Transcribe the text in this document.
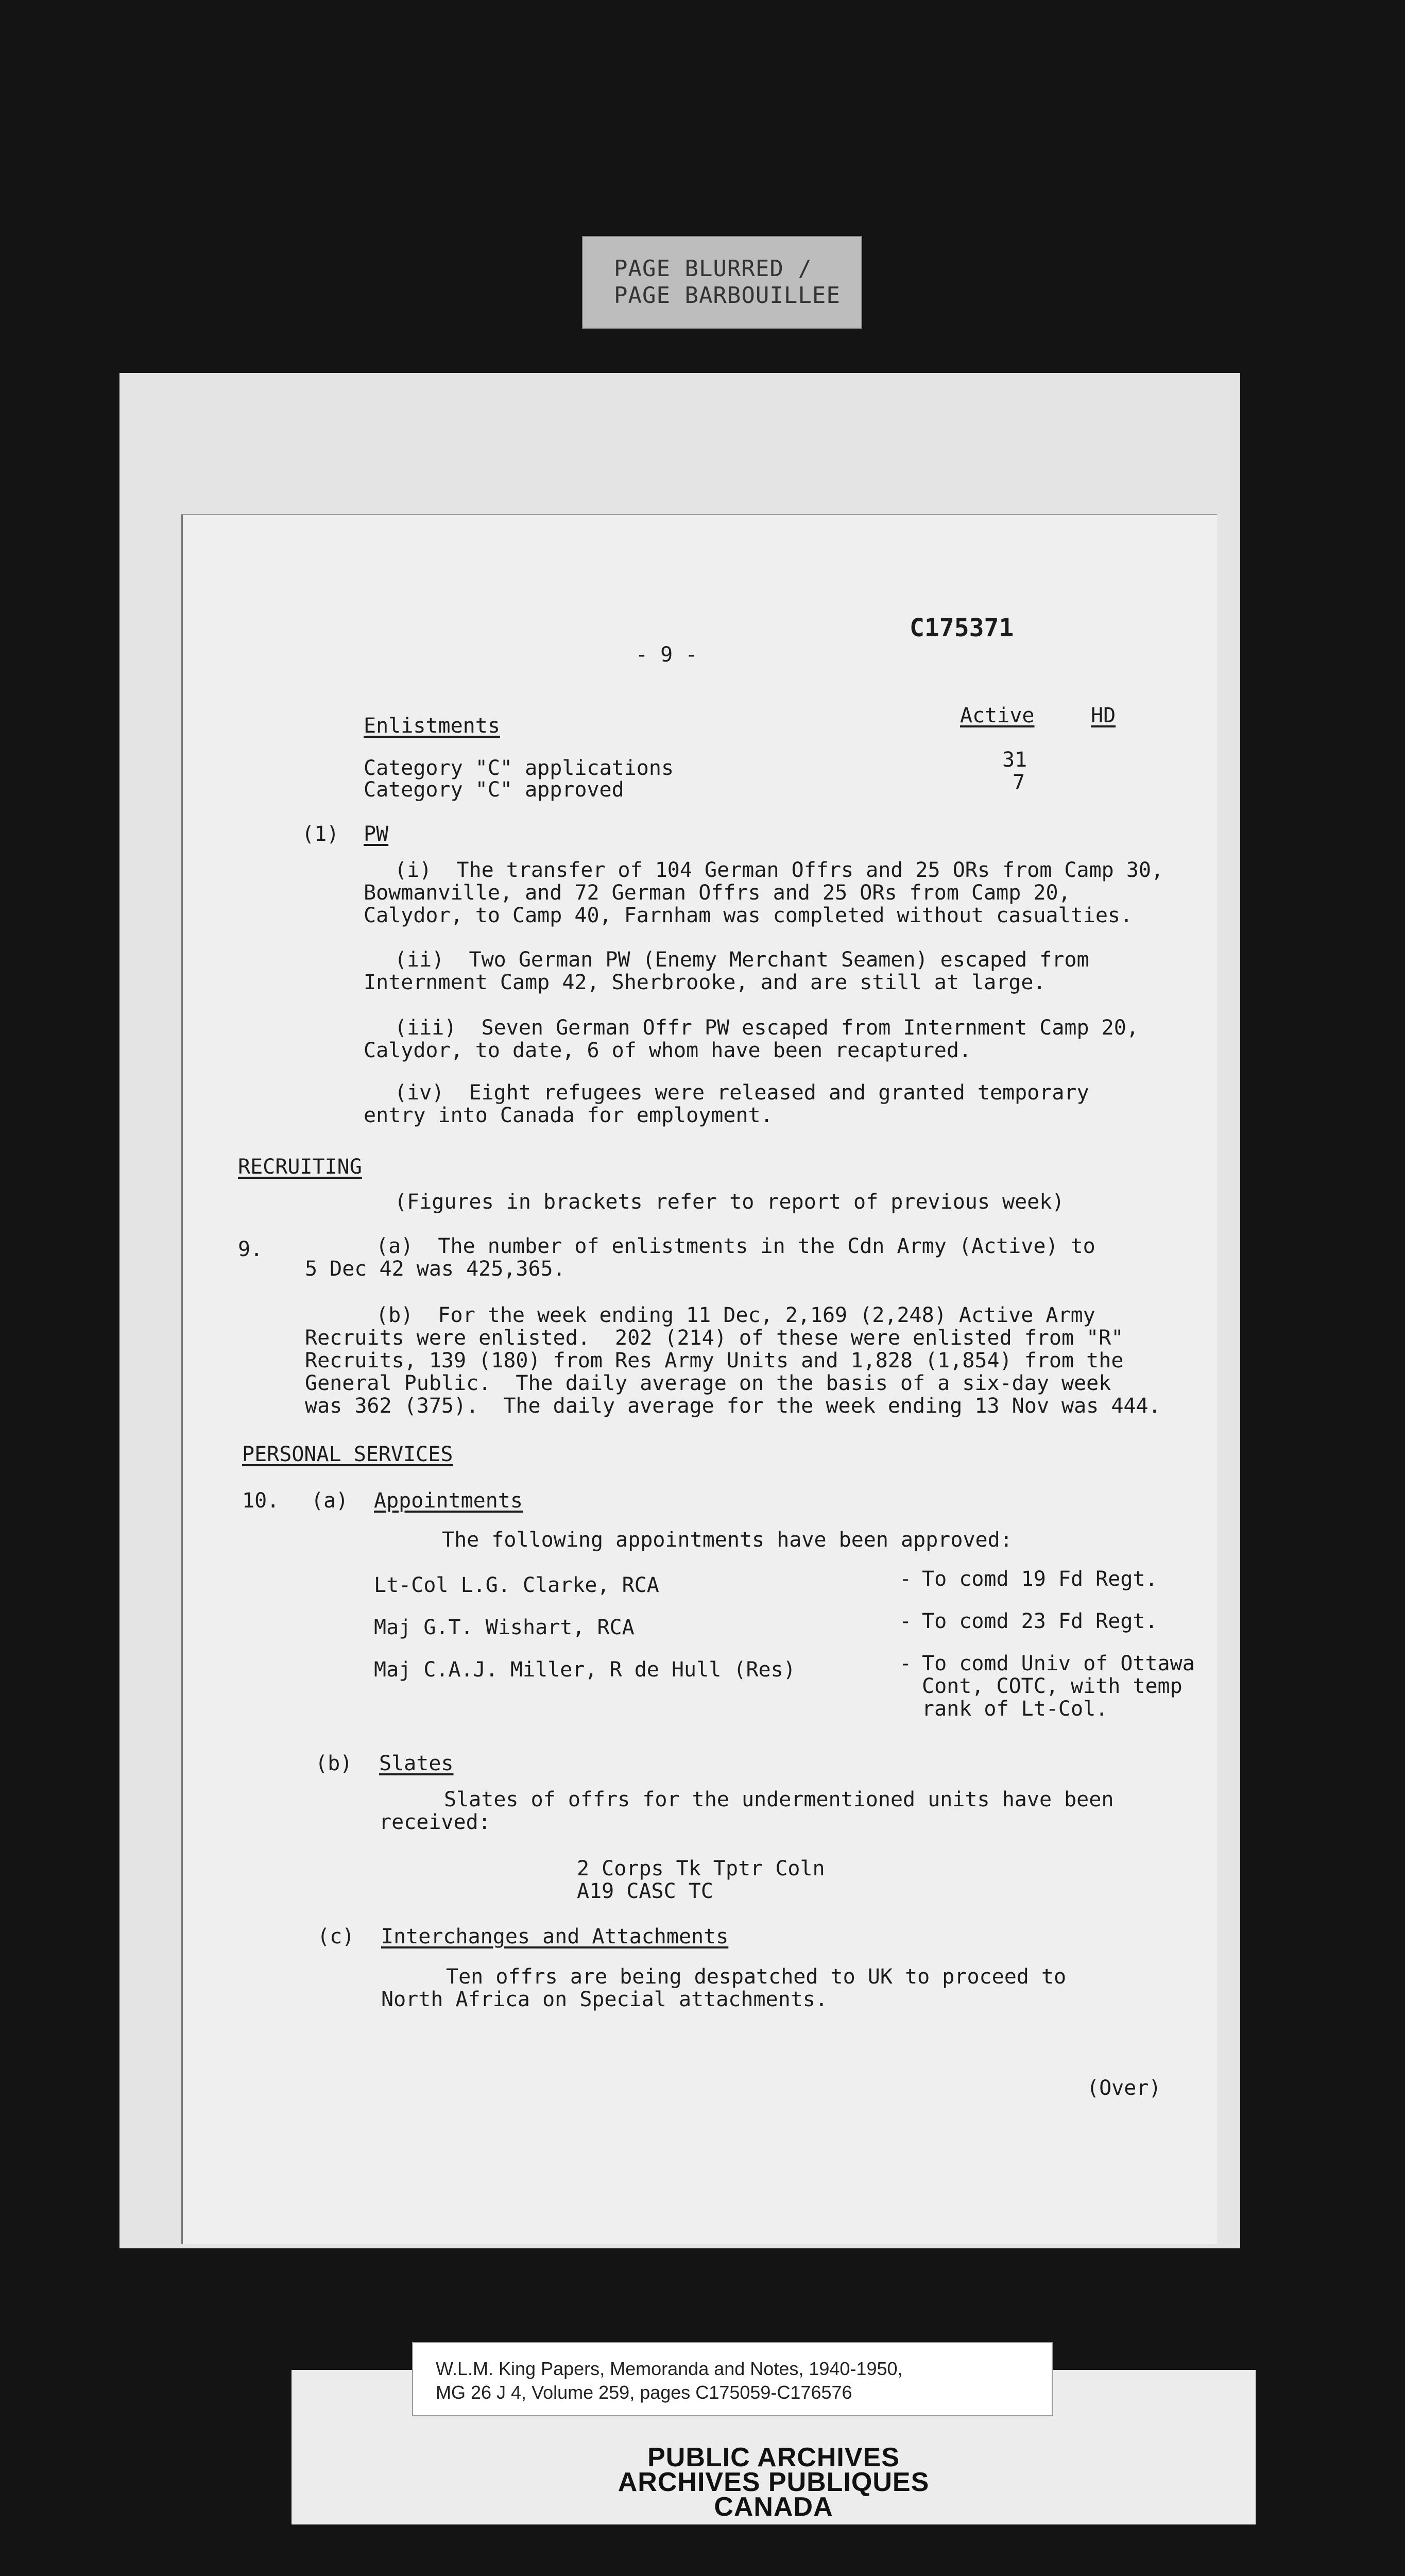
PAGE BLURRED /
PAGE BARBOUILLEE
C175371
- 9 -
Enlistments	Active	HD
Category "C" applications	31
Category "C" approved	7
(1) PW
(i)  The transfer of 104 German Offrs and 25 ORs from Camp 30,
Bowmanville, and 72 German Offrs and 25 ORs from Camp 20,
Calydor, to Camp 40, Farnham was completed without casualties.
(ii)  Two German PW (Enemy Merchant Seamen) escaped from
Internment Camp 42, Sherbrooke, and are still at large.
(iii)  Seven German Offr PW escaped from Internment Camp 20,
Calydor, to date, 6 of whom have been recaptured.
(iv)  Eight refugees were released and granted temporary
entry into Canada for employment.
RECRUITING
(Figures in brackets refer to report of previous week)
9.	(a)  The number of enlistments in the Cdn Army (Active) to
5 Dec 42 was 425,365.
(b)  For the week ending 11 Dec, 2,169 (2,248) Active Army
Recruits were enlisted.  202 (214) of these were enlisted from "R"
Recruits, 139 (180) from Res Army Units and 1,828 (1,854) from the
General Public.  The daily average on the basis of a six-day week
was 362 (375).  The daily average for the week ending 13 Nov was 444.
PERSONAL SERVICES
10. (a) Appointments
The following appointments have been approved:
Lt-Col L.G. Clarke, RCA	- To comd 19 Fd Regt.
Maj G.T. Wishart, RCA	- To comd 23 Fd Regt.
Maj C.A.J. Miller, R de Hull (Res)	- To comd Univ of Ottawa
Cont, COTC, with temp
rank of Lt-Col.
(b) Slates
Slates of offrs for the undermentioned units have been
received:
2 Corps Tk Tptr Coln
A19 CASC TC
(c) Interchanges and Attachments
Ten offrs are being despatched to UK to proceed to
North Africa on Special attachments.
(Over)
PUBLIC ARCHIVES
ARCHIVES PUBLIQUES
CANADA
W.L.M. King Papers, Memoranda and Notes, 1940-1950,
MG 26 J 4, Volume 259, pages C175059-C176576
